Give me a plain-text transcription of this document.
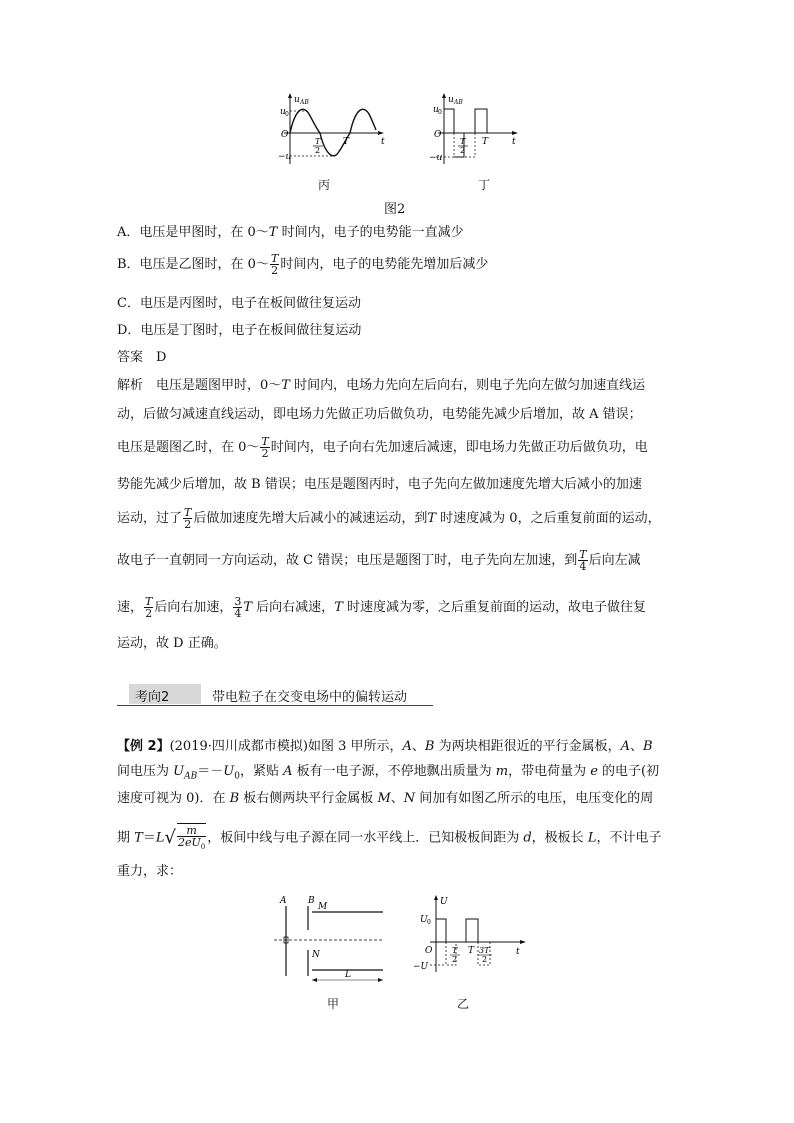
u AB
u 0
O
−u
T
2
T	t
丙
u AB
u 0
O
−u
T
2
T	t
丁
图2
A．电压是甲图时，在 0～T 时间内，电子的电势能一直减少
B．电压是乙图时，在 0～ $\frac{T}{2}$ 时间内，电子的电势能先增加后减少
C．电压是丙图时，电子在板间做往复运动
D．电压是丁图时，电子在板间做往复运动
答案　 D
解析　电压是题图甲时，0～T 时间内，电场力先向左后向右，则电子先向左做匀加速直线运
动，后做匀减速直线运动，即电场力先做正功后做负功，电势能先减少后增加，故 A 错误；
电压是题图乙时，在 0～ $\frac{T}{2}$ 时间内，电子向右先加速后减速，即电场力先做正功后做负功，电
势能先减少后增加，故 B 错误；电压是题图丙时，电子先向左做加速度先增大后减小的加速
运动，过了 $\frac{T}{2}$ 后做加速度先增大后减小的减速运动，到T 时速度减为 0，之后重复前面的运动，
故电子一直朝同一方向运动，故 C 错误；电压是题图丁时，电子先向左加速，到 $\frac{T}{4}$ 后向左减
速， $\frac{T}{2}$ 后向右加速， $\frac{3}{4}$ T 后向右减速，T 时速度减为零，之后重复前面的运动，故电子做往复
运动，故 D 正确。
考向2	带电粒子在交变电场中的偏转运动
【例 2】(2019·四川成都市模拟)如图 3 甲所示，A、B 为两块相距很近的平行金属板，A、B
间电压为 $U_{AB}=-U_0$，紧贴 A 板有一电子源，不停地飘出质量为 m，带电荷量为 e 的电子(初
速度可视为 0)．在 B 板右侧两块平行金属板 M、N 间加有如图乙所示的电压，电压变化的周
期 $T=L√ \frac{m}{2eU_0}$ ，板间中线与电子源在同一水平线上．已知极板间距为 d，极板长 L，不计电子
重力，求：
A B
M
N
L
甲
U
U 0
O
−U
T
2
T 3T
2
t
乙
